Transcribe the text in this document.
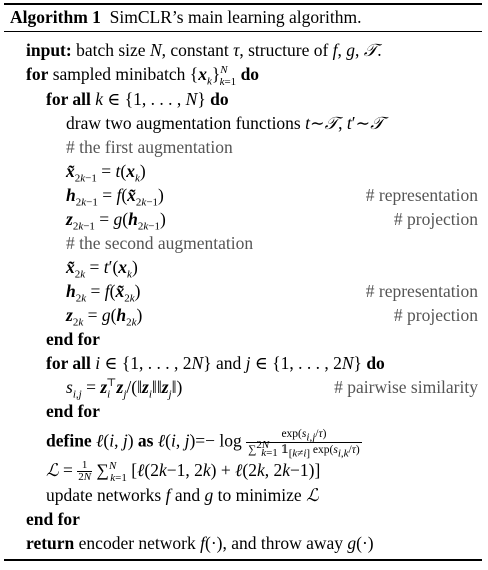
Algorithm 1 SimCLR’s main learning algorithm.
input: batch size N, constant τ, structure of f, g, 𝒯.
for sampled minibatch $\{x_k\}^N_{k=1}$ do
for all k ∈ {1, . . . , N} do
draw two augmentation functions t∼𝒯, t′∼𝒯
# the first augmentation
$x̃_{2k-1} = t(x_k)$
$h_{2k-1}$ = $f(x̃_{2k-1})$	# representation
$z_{2k-1} = g(h_{2k-1})$	# projection
# the second augmentation
$x̃_{2k} = t'(x_k)$
$h_{2k}$ = $f(x̃_{2k})$	# representation
$z_{2k} = g(h_{2k})$	# projection
end for
for all i ∈ {1, . . . , 2N} and j ∈ {1, . . . , 2N} do
$s_{i,j}$ = $z_i^⊤z_j/(‖z_i‖‖z_j‖)$	# pairwise similarity
end for
define ℓ(i, j) as ℓ(i, $j)=- \log \frac{\exp(s_{i,j}/\tau)}{\sum^{2N}_{k=1} 𝟙_{[k\ne i]} \exp(s_{i,k}/\tau)}$
ℒ = $\frac{1}{2N} \sum^N_{k=1}$ [ℓ(2k−1, 2k) + ℓ(2k, 2k−1)]
update networks f and g to minimize ℒ
end for
return encoder network f(·), and throw away g(·)
